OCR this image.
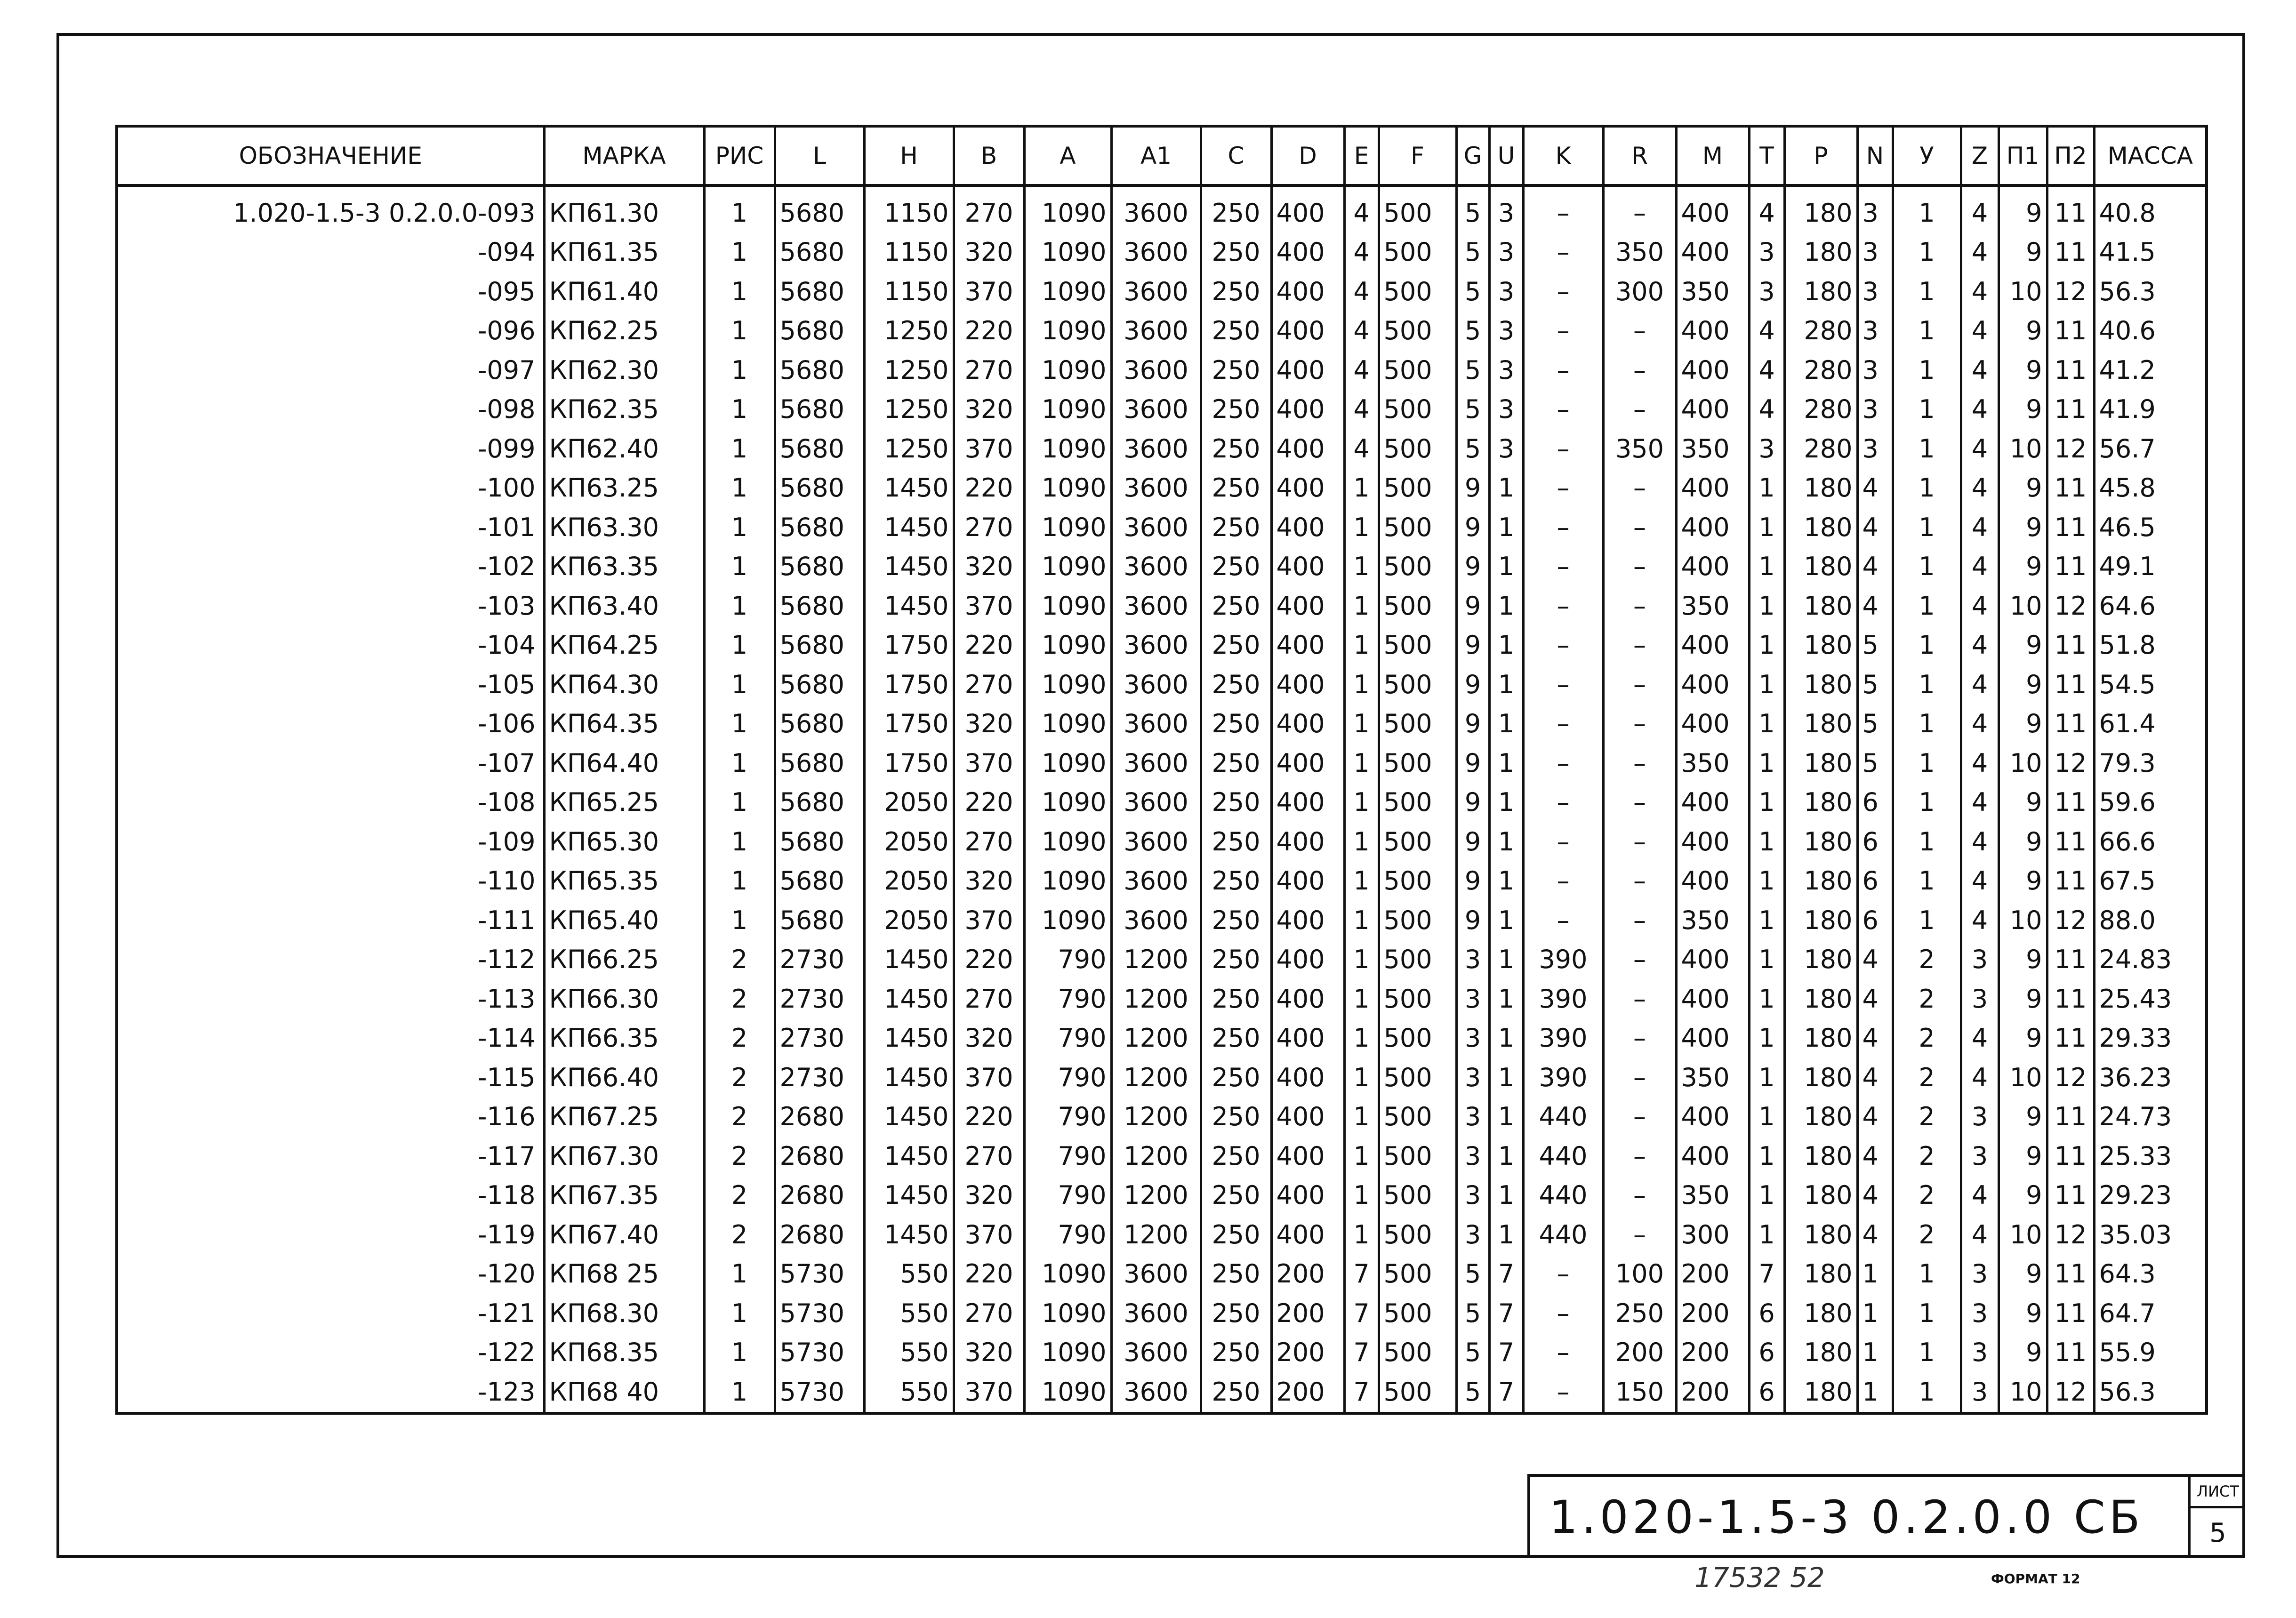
ОБОЗНАЧЕНИЕ	МАРКА	РИС	L	H	B	A	A1	C	D	E	F	G	U	K	R	M	T	P	N	У	Z	П1	П2	МАССА
1.020-1.5-3 0.2.0.0-093	КП61.30	1	5680	1150	270	1090	3600	250	400	4	500	5	3	–	–	400	4	180	3	1	4	9	11	40.8
-094	КП61.35	1	5680	1150	320	1090	3600	250	400	4	500	5	3	–	350	400	3	180	3	1	4	9	11	41.5
-095	КП61.40	1	5680	1150	370	1090	3600	250	400	4	500	5	3	–	300	350	3	180	3	1	4	10	12	56.3
-096	КП62.25	1	5680	1250	220	1090	3600	250	400	4	500	5	3	–	–	400	4	280	3	1	4	9	11	40.6
-097	КП62.30	1	5680	1250	270	1090	3600	250	400	4	500	5	3	–	–	400	4	280	3	1	4	9	11	41.2
-098	КП62.35	1	5680	1250	320	1090	3600	250	400	4	500	5	3	–	–	400	4	280	3	1	4	9	11	41.9
-099	КП62.40	1	5680	1250	370	1090	3600	250	400	4	500	5	3	–	350	350	3	280	3	1	4	10	12	56.7
-100	КП63.25	1	5680	1450	220	1090	3600	250	400	1	500	9	1	–	–	400	1	180	4	1	4	9	11	45.8
-101	КП63.30	1	5680	1450	270	1090	3600	250	400	1	500	9	1	–	–	400	1	180	4	1	4	9	11	46.5
-102	КП63.35	1	5680	1450	320	1090	3600	250	400	1	500	9	1	–	–	400	1	180	4	1	4	9	11	49.1
-103	КП63.40	1	5680	1450	370	1090	3600	250	400	1	500	9	1	–	–	350	1	180	4	1	4	10	12	64.6
-104	КП64.25	1	5680	1750	220	1090	3600	250	400	1	500	9	1	–	–	400	1	180	5	1	4	9	11	51.8
-105	КП64.30	1	5680	1750	270	1090	3600	250	400	1	500	9	1	–	–	400	1	180	5	1	4	9	11	54.5
-106	КП64.35	1	5680	1750	320	1090	3600	250	400	1	500	9	1	–	–	400	1	180	5	1	4	9	11	61.4
-107	КП64.40	1	5680	1750	370	1090	3600	250	400	1	500	9	1	–	–	350	1	180	5	1	4	10	12	79.3
-108	КП65.25	1	5680	2050	220	1090	3600	250	400	1	500	9	1	–	–	400	1	180	6	1	4	9	11	59.6
-109	КП65.30	1	5680	2050	270	1090	3600	250	400	1	500	9	1	–	–	400	1	180	6	1	4	9	11	66.6
-110	КП65.35	1	5680	2050	320	1090	3600	250	400	1	500	9	1	–	–	400	1	180	6	1	4	9	11	67.5
-111	КП65.40	1	5680	2050	370	1090	3600	250	400	1	500	9	1	–	–	350	1	180	6	1	4	10	12	88.0
-112	КП66.25	2	2730	1450	220	790	1200	250	400	1	500	3	1	390	–	400	1	180	4	2	3	9	11	24.83
-113	КП66.30	2	2730	1450	270	790	1200	250	400	1	500	3	1	390	–	400	1	180	4	2	3	9	11	25.43
-114	КП66.35	2	2730	1450	320	790	1200	250	400	1	500	3	1	390	–	400	1	180	4	2	4	9	11	29.33
-115	КП66.40	2	2730	1450	370	790	1200	250	400	1	500	3	1	390	–	350	1	180	4	2	4	10	12	36.23
-116	КП67.25	2	2680	1450	220	790	1200	250	400	1	500	3	1	440	–	400	1	180	4	2	3	9	11	24.73
-117	КП67.30	2	2680	1450	270	790	1200	250	400	1	500	3	1	440	–	400	1	180	4	2	3	9	11	25.33
-118	КП67.35	2	2680	1450	320	790	1200	250	400	1	500	3	1	440	–	350	1	180	4	2	4	9	11	29.23
-119	КП67.40	2	2680	1450	370	790	1200	250	400	1	500	3	1	440	–	300	1	180	4	2	4	10	12	35.03
-120	КП68 25	1	5730	550	220	1090	3600	250	200	7	500	5	7	–	100	200	7	180	1	1	3	9	11	64.3
-121	КП68.30	1	5730	550	270	1090	3600	250	200	7	500	5	7	–	250	200	6	180	1	1	3	9	11	64.7
-122	КП68.35	1	5730	550	320	1090	3600	250	200	7	500	5	7	–	200	200	6	180	1	1	3	9	11	55.9
-123	КП68 40	1	5730	550	370	1090	3600	250	200	7	500	5	7	–	150	200	6	180	1	1	3	10	12	56.3
1.020-1.5-3 0.2.0.0 СБ	ЛИСТ
5
17532 52	ФОРМАТ 12
